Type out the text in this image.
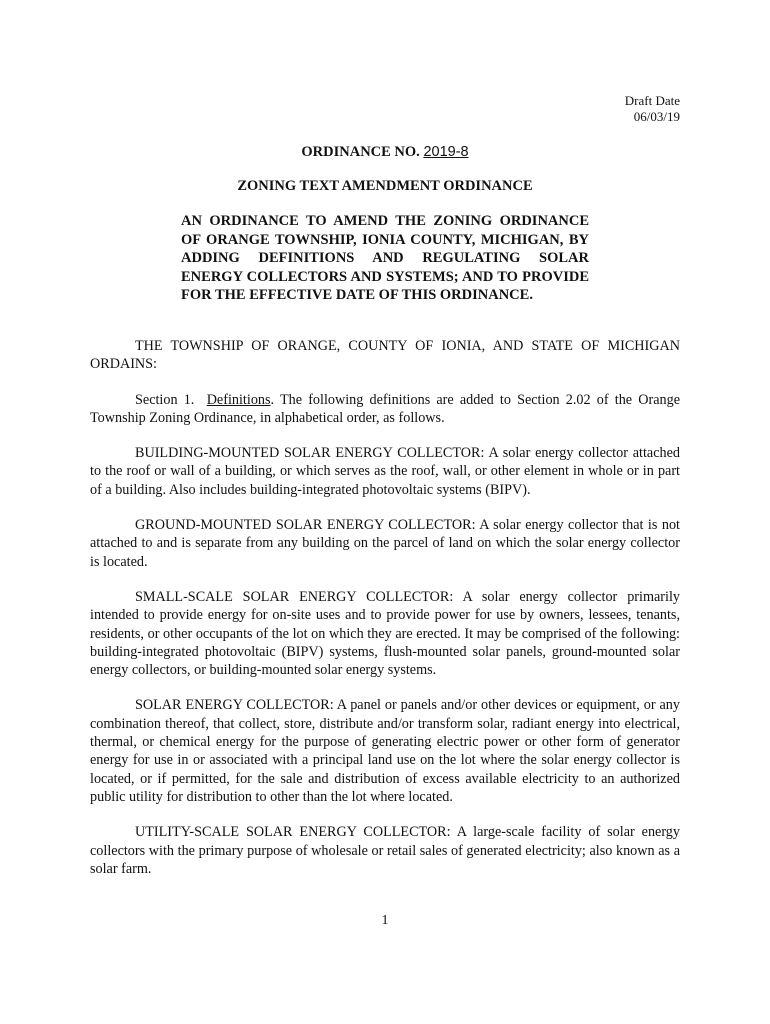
Draft Date
06/03/19
ORDINANCE NO. 2019-8
ZONING TEXT AMENDMENT ORDINANCE
AN ORDINANCE TO AMEND THE ZONING ORDINANCE OF ORANGE TOWNSHIP, IONIA COUNTY, MICHIGAN, BY ADDING DEFINITIONS AND REGULATING SOLAR ENERGY COLLECTORS AND SYSTEMS; AND TO PROVIDE FOR THE EFFECTIVE DATE OF THIS ORDINANCE.

THE TOWNSHIP OF ORANGE, COUNTY OF IONIA, AND STATE OF MICHIGAN ORDAINS:

Section 1. Definitions. The following definitions are added to Section 2.02 of the Orange Township Zoning Ordinance, in alphabetical order, as follows.

BUILDING-MOUNTED SOLAR ENERGY COLLECTOR: A solar energy collector attached to the roof or wall of a building, or which serves as the roof, wall, or other element in whole or in part of a building. Also includes building-integrated photovoltaic systems (BIPV).

GROUND-MOUNTED SOLAR ENERGY COLLECTOR: A solar energy collector that is not attached to and is separate from any building on the parcel of land on which the solar energy collector is located.

SMALL-SCALE SOLAR ENERGY COLLECTOR: A solar energy collector primarily intended to provide energy for on-site uses and to provide power for use by owners, lessees, tenants, residents, or other occupants of the lot on which they are erected. It may be comprised of the following: building-integrated photovoltaic (BIPV) systems, flush-mounted solar panels, ground-mounted solar energy collectors, or building-mounted solar energy systems.

SOLAR ENERGY COLLECTOR: A panel or panels and/or other devices or equipment, or any combination thereof, that collect, store, distribute and/or transform solar, radiant energy into electrical, thermal, or chemical energy for the purpose of generating electric power or other form of generator energy for use in or associated with a principal land use on the lot where the solar energy collector is located, or if permitted, for the sale and distribution of excess available electricity to an authorized public utility for distribution to other than the lot where located.

UTILITY-SCALE SOLAR ENERGY COLLECTOR: A large-scale facility of solar energy collectors with the primary purpose of wholesale or retail sales of generated electricity; also known as a solar farm.

1
